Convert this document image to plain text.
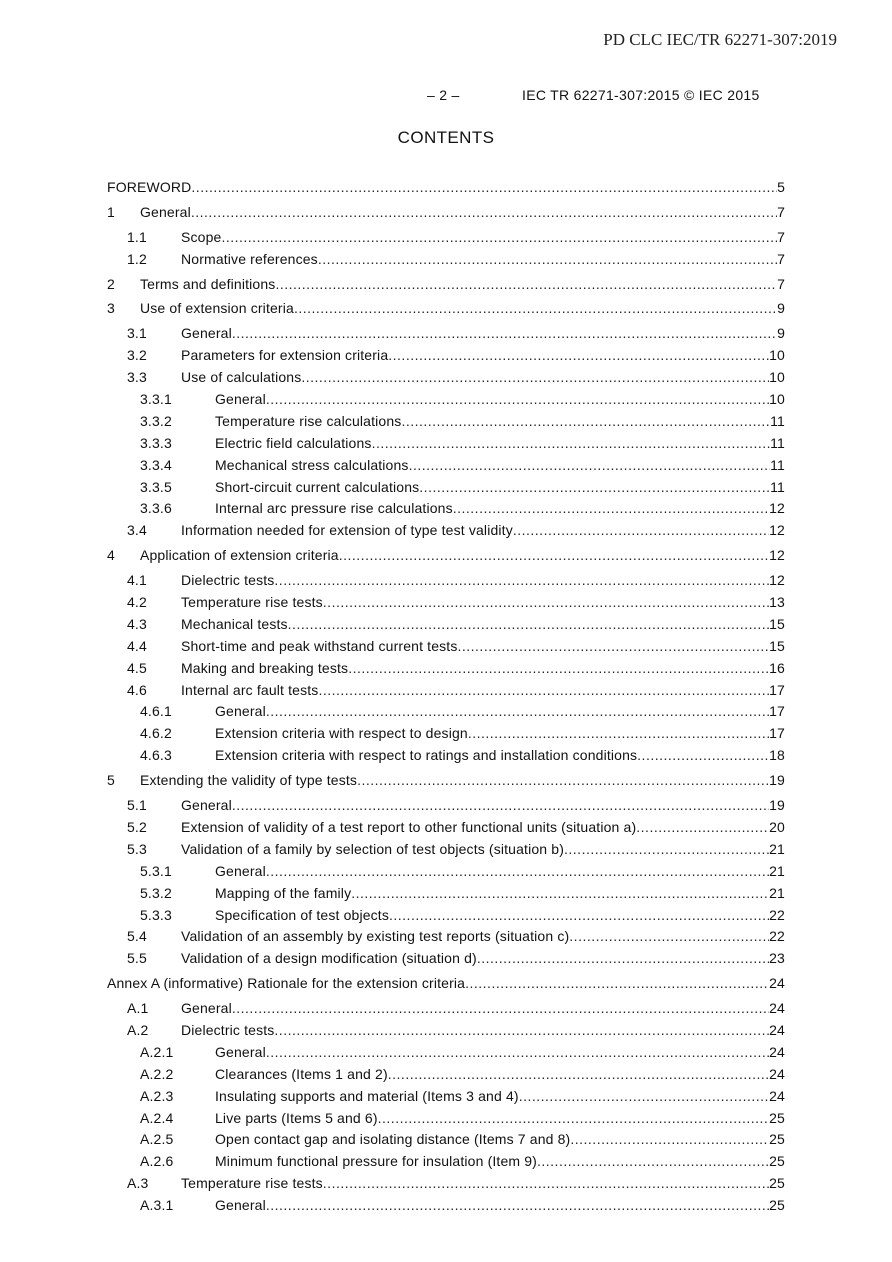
PD CLC IEC/TR 62271-307:2019
– 2 –	IEC TR 62271-307:2015 © IEC 2015
CONTENTS
FOREWORD .....	5
1 General .....	7
1.1 Scope .....	7
1.2 Normative references .....	7
2 Terms and definitions .....	7
3 Use of extension criteria .....	9
3.1 General .....	9
3.2 Parameters for extension criteria .....	10
3.3 Use of calculations .....	10
3.3.1	General .....	10
3.3.2	Temperature rise calculations .....	11
3.3.3	Electric field calculations .....	11
3.3.4	Mechanical stress calculations .....	11
3.3.5	Short-circuit current calculations .....	11
3.3.6	Internal arc pressure rise calculations .....	12
3.4 Information needed for extension of type test validity .....	12
4 Application of extension criteria .....	12
4.1 Dielectric tests .....	12
4.2 Temperature rise tests .....	13
4.3 Mechanical tests .....	15
4.4 Short-time and peak withstand current tests .....	15
4.5 Making and breaking tests .....	16
4.6 Internal arc fault tests .....	17
4.6.1	General .....	17
4.6.2	Extension criteria with respect to design .....	17
4.6.3	Extension criteria with respect to ratings and installation conditions .....	18
5 Extending the validity of type tests .....	19
5.1 General .....	19
5.2 Extension of validity of a test report to other functional units (situation a) .....	20
5.3 Validation of a family by selection of test objects (situation b) .....	21
5.3.1	General .....	21
5.3.2	Mapping of the family .....	21
5.3.3	Specification of test objects .....	22
5.4 Validation of an assembly by existing test reports (situation c) .....	22
5.5 Validation of a design modification (situation d) .....	23
Annex A (informative) Rationale for the extension criteria .....	24
A.1 General .....	24
A.2 Dielectric tests .....	24
A.2.1	General .....	24
A.2.2	Clearances (Items 1 and 2) .....	24
A.2.3	Insulating supports and material (Items 3 and 4) .....	24
A.2.4	Live parts (Items 5 and 6) .....	25
A.2.5	Open contact gap and isolating distance (Items 7 and 8) .....	25
A.2.6	Minimum functional pressure for insulation (Item 9) .....	25
A.3 Temperature rise tests .....	25
A.3.1	General .....	25
